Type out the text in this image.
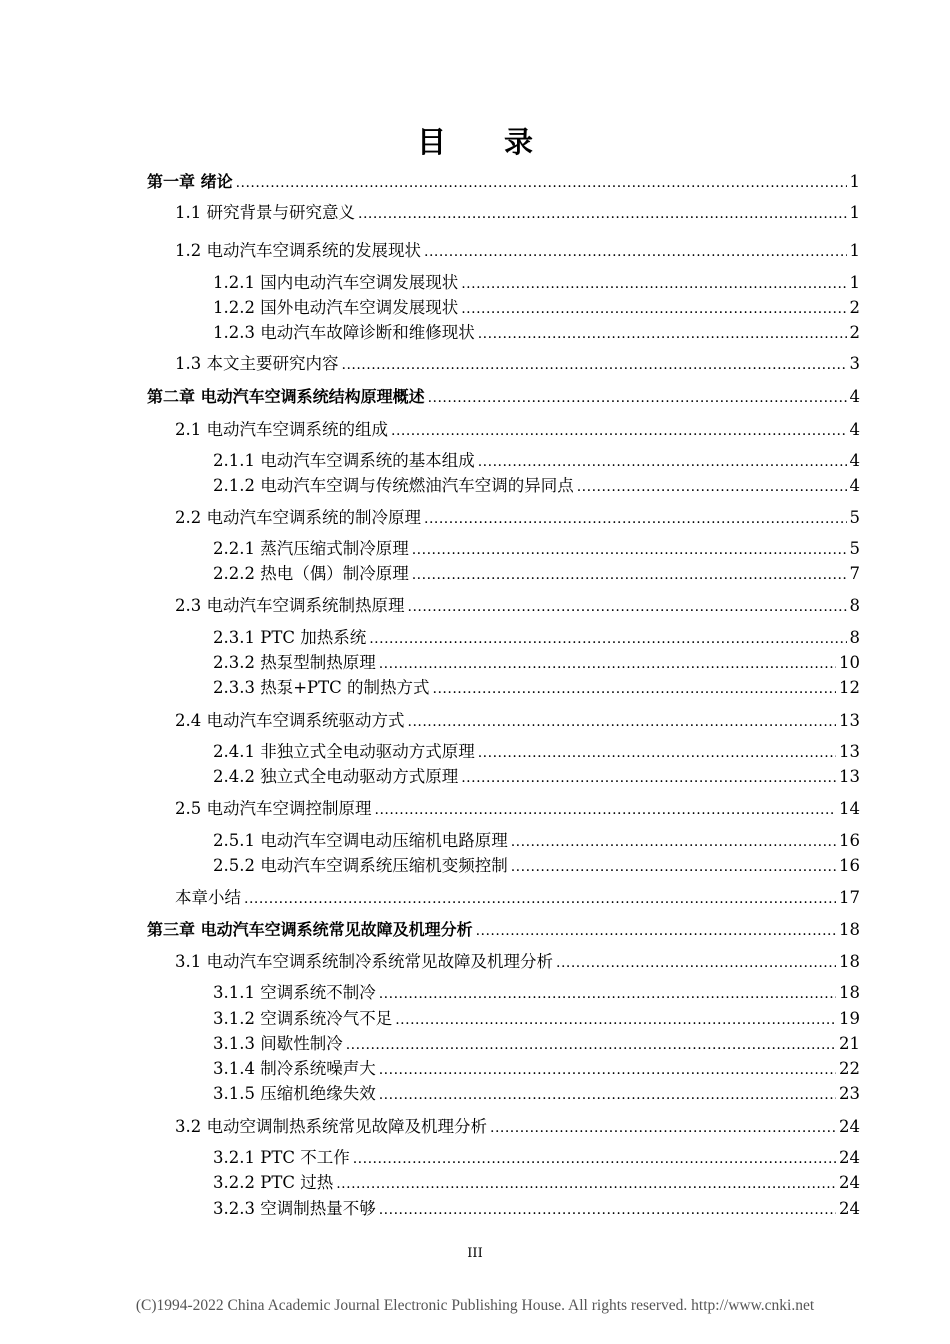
目 录
第一章 绪论 .....	1
1.1 研究背景与研究意义 .....	1
1.2 电动汽车空调系统的发展现状 .....	1
1.2.1 国内电动汽车空调发展现状 .....	1
1.2.2 国外电动汽车空调发展现状 .....	2
1.2.3 电动汽车故障诊断和维修现状 .....	2
1.3 本文主要研究内容 .....	3
第二章 电动汽车空调系统结构原理概述 .....	4
2.1 电动汽车空调系统的组成 .....	4
2.1.1 电动汽车空调系统的基本组成 .....	4
2.1.2 电动汽车空调与传统燃油汽车空调的异同点 .....	4
2.2 电动汽车空调系统的制冷原理 .....	5
2.2.1 蒸汽压缩式制冷原理 .....	5
2.2.2 热电（偶）制冷原理 .....	7
2.3 电动汽车空调系统制热原理 .....	8
2.3.1 PTC 加热系统 .....	8
2.3.2 热泵型制热原理 .....	10
2.3.3 热泵+PTC 的制热方式 .....	12
2.4 电动汽车空调系统驱动方式 .....	13
2.4.1 非独立式全电动驱动方式原理 .....	13
2.4.2 独立式全电动驱动方式原理 .....	13
2.5 电动汽车空调控制原理 .....	14
2.5.1 电动汽车空调电动压缩机电路原理 .....	16
2.5.2 电动汽车空调系统压缩机变频控制 .....	16
本章小结 .....	17
第三章 电动汽车空调系统常见故障及机理分析 .....	18
3.1 电动汽车空调系统制冷系统常见故障及机理分析 .....	18
3.1.1 空调系统不制冷 .....	18
3.1.2 空调系统冷气不足 .....	19
3.1.3 间歇性制冷 .....	21
3.1.4 制冷系统噪声大 .....	22
3.1.5 压缩机绝缘失效 .....	23
3.2 电动空调制热系统常见故障及机理分析 .....	24
3.2.1 PTC 不工作 .....	24
3.2.2 PTC 过热 .....	24
3.2.3 空调制热量不够 .....	24
III
(C)1994-2022 China Academic Journal Electronic Publishing House. All rights reserved. http://www.cnki.net
